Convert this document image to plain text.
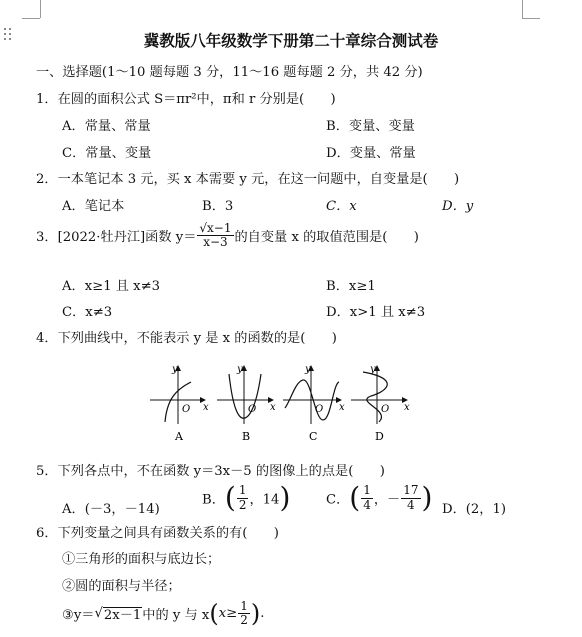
冀教版八年级数学下册第二十章综合测试卷
一、选择题(1～10 题每题 3 分，11～16 题每题 2 分，共 42 分)
1．在圆的面积公式 S＝πr²中，π和 r 分别是(　　)
A．常量、常量	B．变量、变量
C．常量、变量	D．变量、常量
2．一本笔记本 3 元，买 x 本需要 y 元，在这一问题中，自变量是(　　)
A．笔记本	B．3	C．x	D．y
3．[2022·牡丹江]函数 $y= \frac{√x-1}{x-3}$ 的自变量 x 的取值范围是(　　)
A．x≥1 且 x≠3	B．x≥1
C．x≠3	D．x>1 且 x≠3
4．下列曲线中，不能表示 y 是 x 的函数的是(　　)
y
O x
A
y
O x
B
y
O x
C
y
O x
D
5．下列各点中，不在函数 y＝3x－5 的图像上的点是(　　)
A．(－3，－14)
B．( $\frac{1}{2}$ ，14)	C．( $\frac{1}{4}$ ，－ $\frac{17}{4}$ ) D．(2，1)
6．下列变量之间具有函数关系的有(　　)
①三角形的面积与底边长；
②圆的面积与半径；
③y＝√2x－1中的 y 与 $x(x\ge \frac{1}{2}$ ).
